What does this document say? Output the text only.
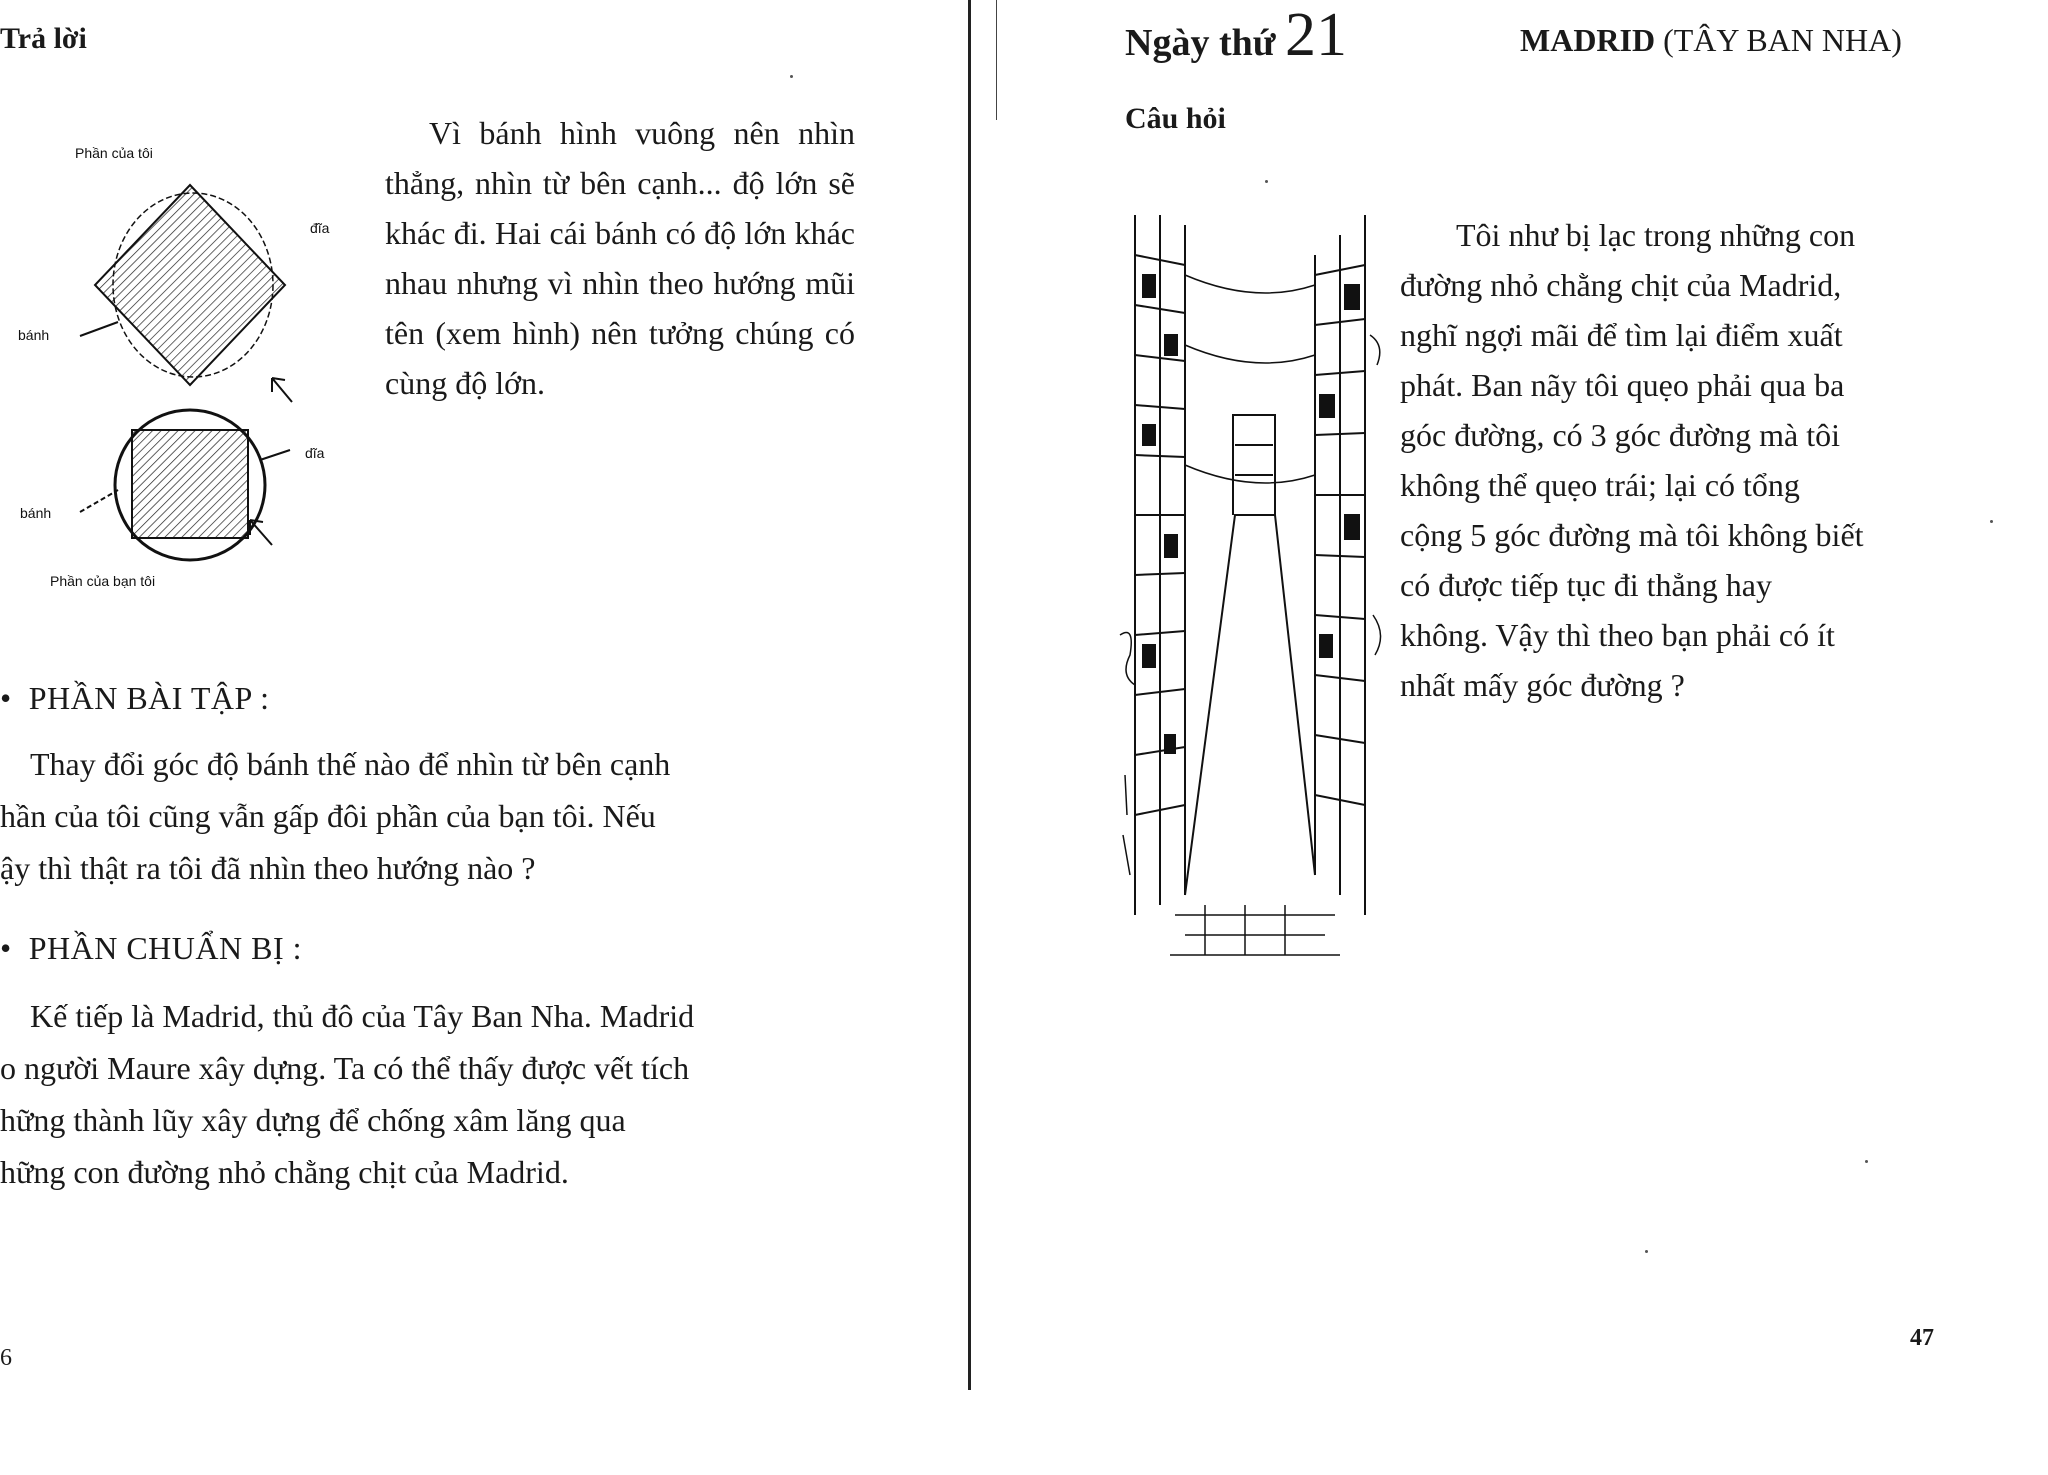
Trả lời
Phần của tôi
đĩa
bánh
dĩa
bánh
Phần của bạn tôi
Vì bánh hình vuông nên nhìn thẳng, nhìn từ bên cạnh... độ lớn sẽ khác đi. Hai cái bánh có độ lớn khác nhau nhưng vì nhìn theo hướng mũi tên (xem hình) nên tưởng chúng có cùng độ lớn.
•  PHẦN BÀI TẬP :
Thay đổi góc độ bánh thế nào để nhìn từ bên cạnh
hần của tôi cũng vẫn gấp đôi phần của bạn tôi. Nếu
ậy thì thật ra tôi đã nhìn theo hướng nào ?
•  PHẦN CHUẨN BỊ :
Kế tiếp là Madrid, thủ đô của Tây Ban Nha. Madrid
o người Maure xây dựng. Ta có thể thấy được vết tích
hững thành lũy xây dựng để chống xâm lăng qua
hững con đường nhỏ chằng chịt của Madrid.
6
Ngày thứ 21	MADRID (TÂY BAN NHA)
Câu hỏi
Tôi như bị lạc trong những con
đường nhỏ chằng chịt của Madrid,
nghĩ ngợi mãi để tìm lại điểm xuất
phát. Ban nãy tôi quẹo phải qua ba
góc đường, có 3 góc đường mà tôi
không thể quẹo trái; lại có tổng
cộng 5 góc đường mà tôi không biết
có được tiếp tục đi thẳng hay
không. Vậy thì theo bạn phải có ít
nhất mấy góc đường ?
47
